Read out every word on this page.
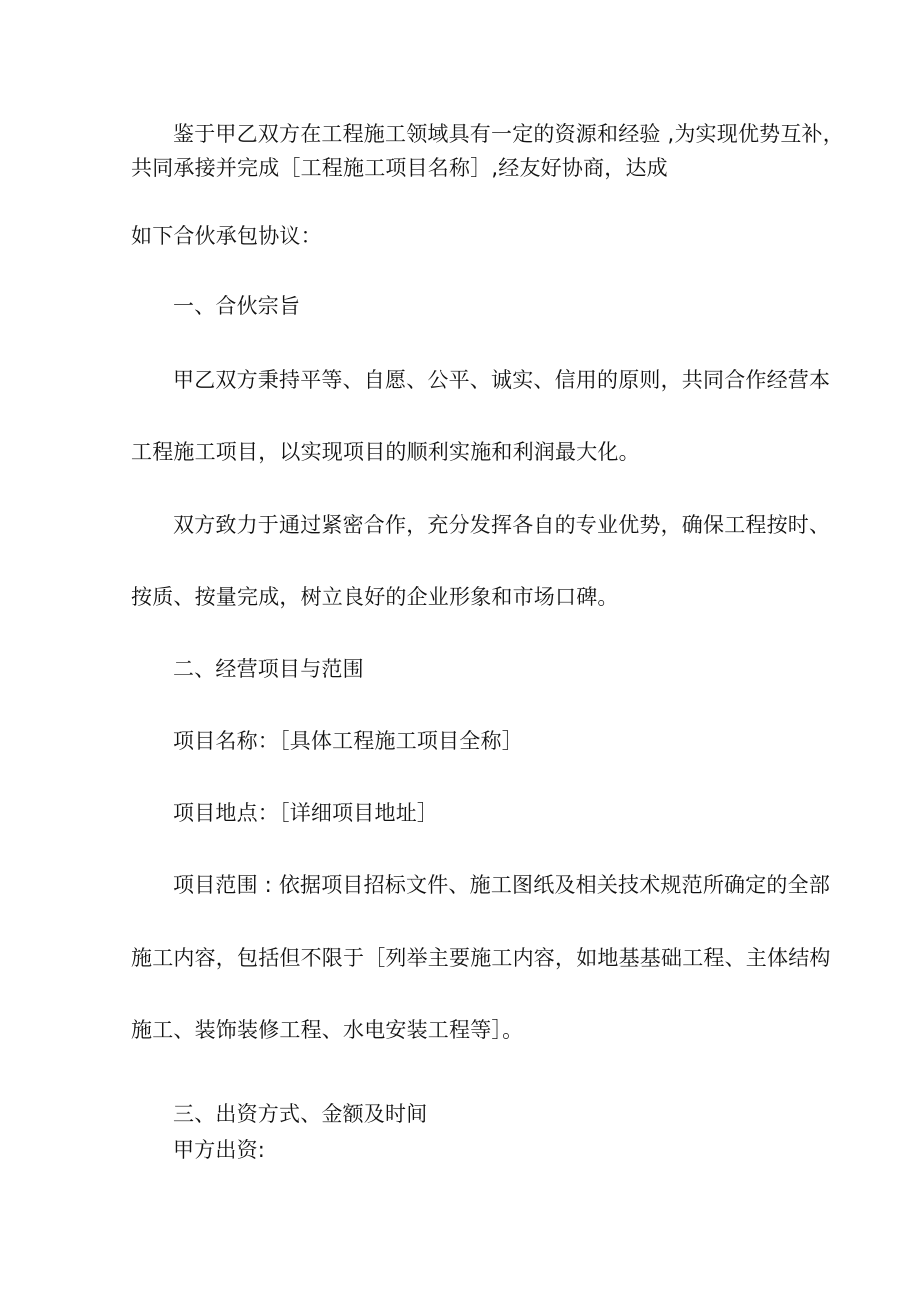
鉴于甲乙双方在工程施工领域具有一定的资源和经验 ,为实现优势互补，
共同承接并完成［工程施工项目名称］,经友好协商，达成
如下合伙承包协议：
一、合伙宗旨
甲乙双方秉持平等、自愿、公平、诚实、信用的原则，共同合作经营本
工程施工项目，以实现项目的顺利实施和利润最大化。
双方致力于通过紧密合作，充分发挥各自的专业优势，确保工程按时、
按质、按量完成，树立良好的企业形象和市场口碑。
二、经营项目与范围
项目名称：［具体工程施工项目全称］
项目地点：［详细项目地址］
项目范围 : 依据项目招标文件、施工图纸及相关技术规范所确定的全部
施工内容，包括但不限于［列举主要施工内容，如地基基础工程、主体结构
施工、装饰装修工程、水电安装工程等］。
三、出资方式、金额及时间
甲方出资:
